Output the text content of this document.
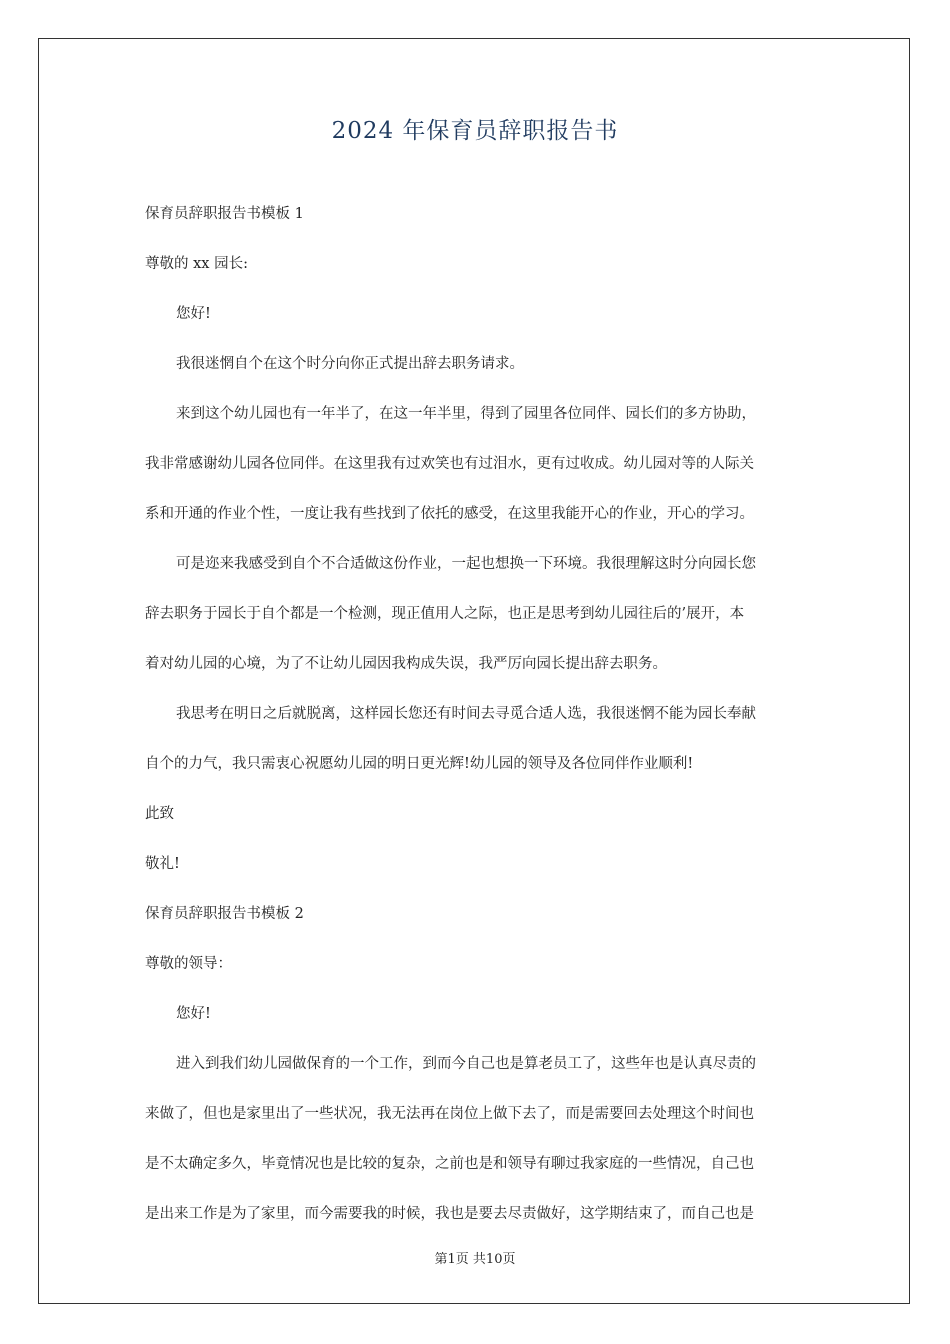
2024 年保育员辞职报告书
保育员辞职报告书模板 1
尊敬的 xx 园长:
您好!
我很迷惘自个在这个时分向你正式提出辞去职务请求。
来到这个幼儿园也有一年半了，在这一年半里，得到了园里各位同伴、园长们的多方协助，
我非常感谢幼儿园各位同伴。在这里我有过欢笑也有过泪水，更有过收成。幼儿园对等的人际关
系和开通的作业个性，一度让我有些找到了依托的感受，在这里我能开心的作业，开心的学习。
可是迩来我感受到自个不合适做这份作业，一起也想换一下环境。我很理解这时分向园长您
辞去职务于园长于自个都是一个检测，现正值用人之际，也正是思考到幼儿园往后的’展开，本
着对幼儿园的心境，为了不让幼儿园因我构成失误，我严厉向园长提出辞去职务。
我思考在明日之后就脱离，这样园长您还有时间去寻觅合适人选，我很迷惘不能为园长奉献
自个的力气，我只需衷心祝愿幼儿园的明日更光辉!幼儿园的领导及各位同伴作业顺利!
此致
敬礼!
保育员辞职报告书模板 2
尊敬的领导：
您好!
进入到我们幼儿园做保育的一个工作，到而今自己也是算老员工了，这些年也是认真尽责的
来做了，但也是家里出了一些状况，我无法再在岗位上做下去了，而是需要回去处理这个时间也
是不太确定多久，毕竟情况也是比较的复杂，之前也是和领导有聊过我家庭的一些情况，自己也
是出来工作是为了家里，而今需要我的时候，我也是要去尽责做好，这学期结束了，而自己也是
第1页 共10页
